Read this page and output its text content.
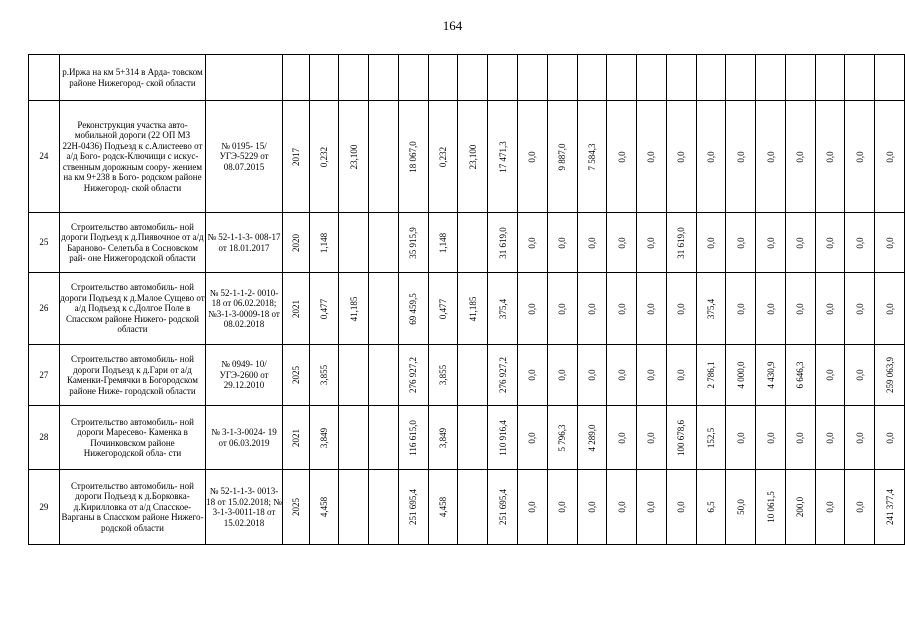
164
	р.Иржа на км 5+314 в Арда- товском районе Нижегород- ской области		

24	Реконструкция участка авто- мобильной дороги (22 ОП МЗ 22Н-0436) Подъезд к с.Алистеево от а/д Бого- родск-Ключищи с искус- ственным дорожным соору- жением на км 9+238 в Бого- родском районе Нижегород- ской области	№ 0195- 15/УГЭ-5229 от 08.07.2015	2017	0,232	23,100		18 067,0	0,232	23,100	17 471,3	0,0	9 887,0	7 584,3	0,0	0,0	0,0	0,0	0,0	0,0	0,0	0,0	0,0	0,0

25	Строительство автомобиль- ной дороги Подъезд к д.Пиявочное от а/д Бараново- Селетьба в Сосновском рай- оне Нижегородской области	№ 52-1-1-3- 008-17 от 18.01.2017	2020	1,148			35 915,9	1,148		31 619,0	0,0	0,0	0,0	0,0	0,0	31 619,0	0,0	0,0	0,0	0,0	0,0	0,0	0,0

26	Строительство автомобиль- ной дороги Подъезд к д.Малое Сущево от а/д Подъезд к с.Долгое Поле в Спасском районе Нижего- родской области	№ 52-1-1-2- 0010-18 от 06.02.2018; №3-1-3-0009-18 от 08.02.2018	2021	0,477	41,185		69 459,5	0,477	41,185	375,4	0,0	0,0	0,0	0,0	0,0	0,0	375,4	0,0	0,0	0,0	0,0	0,0	0,0

27	Строительство автомобиль- ной дороги Подъезд к д.Гари от а/д Каменки-Гремячки в Богородском районе Ниже- городской области	№ 0949- 10/УГЭ-2600 от 29.12.2010	2025	3,855			276 927,2	3,855		276 927,2	0,0	0,0	0,0	0,0	0,0	0,0	2 786,1	4 000,0	4 430,9	6 646,3	0,0	0,0	259 063,9

28	Строительство автомобиль- ной дороги Маресево- Каменка в Починковском районе Нижегородской обла- сти	№ 3-1-3-0024- 19 от 06.03.2019	2021	3,849			116 615,0	3,849		110 916,4	0,0	5 796,3	4 289,0	0,0	0,0	100 678,6	152,5	0,0	0,0	0,0	0,0	0,0	0,0

29	Строительство автомобиль- ной дороги Подъезд к д.Борковка-д.Кирилловка от а/д Спасское-Варганы в Спасском районе Нижего- родской области	№ 52-1-1-3- 0013-18 от 15.02.2018; № 3-1-3-0011-18 от 15.02.2018	2025	4,458			251 695,4	4,458		251 695,4	0,0	0,0	0,0	0,0	0,0	0,0	6,5	50,0	10 061,5	200,0	0,0	0,0	241 377,4
